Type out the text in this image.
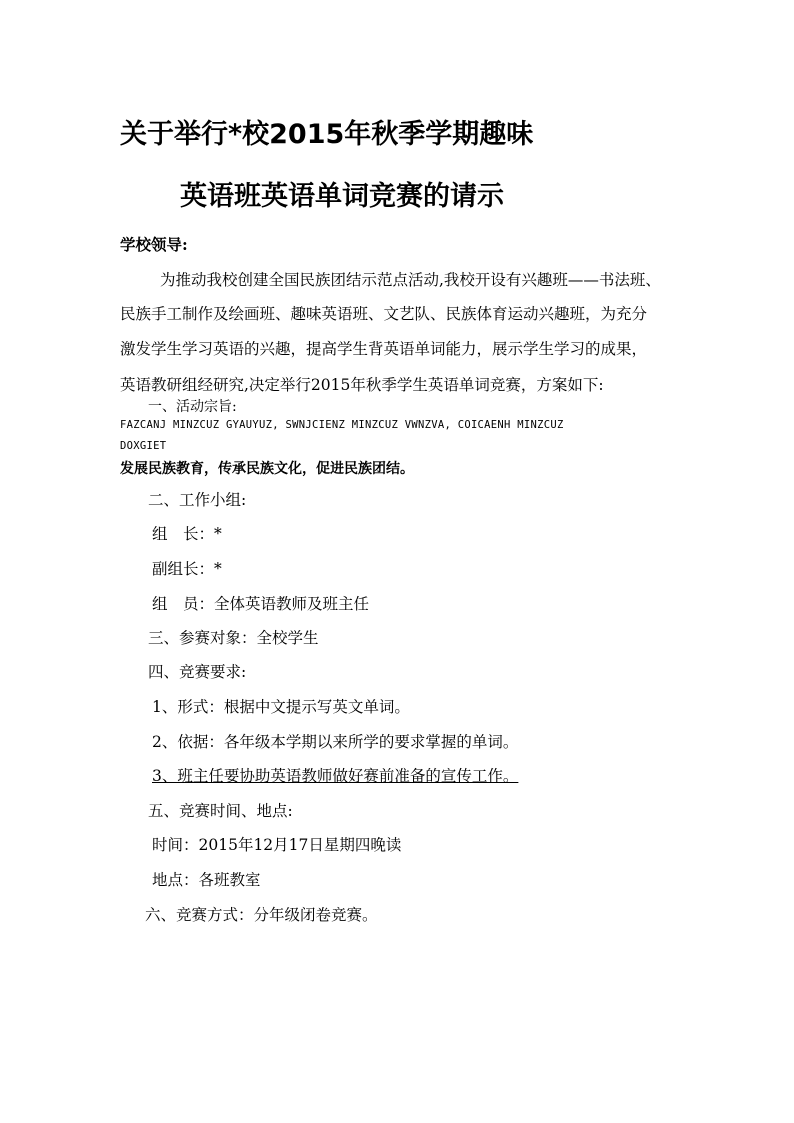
关于举行*校2015年秋季学期趣味
英语班英语单词竞赛的请示
学校领导:
为推动我校创建全国民族团结示范点活动,我校开设有兴趣班——书法班、
民族手工制作及绘画班、趣味英语班、文艺队、民族体育运动兴趣班，为充分
激发学生学习英语的兴趣，提高学生背英语单词能力，展示学生学习的成果，
英语教研组经研究,决定举行2015年秋季学生英语单词竞赛，方案如下:
一、活动宗旨:
FAZCANJ MINZCUZ GYAUYUZ, SWNJCIENZ MINZCUZ VWNZVA, COICAENH MINZCUZ
DOXGIET
发展民族教育，传承民族文化，促进民族团结。
二、工作小组:
组　长：*
副组长：*
组　员：全体英语教师及班主任
三、参赛对象：全校学生
四、竞赛要求:
1、形式：根据中文提示写英文单词。
2、依据：各年级本学期以来所学的要求掌握的单词。
3、班主任要协助英语教师做好赛前准备的宣传工作。
五、竞赛时间、地点:
时间：2015年12月17日星期四晚读
地点：各班教室
六、竞赛方式：分年级闭卷竞赛。
